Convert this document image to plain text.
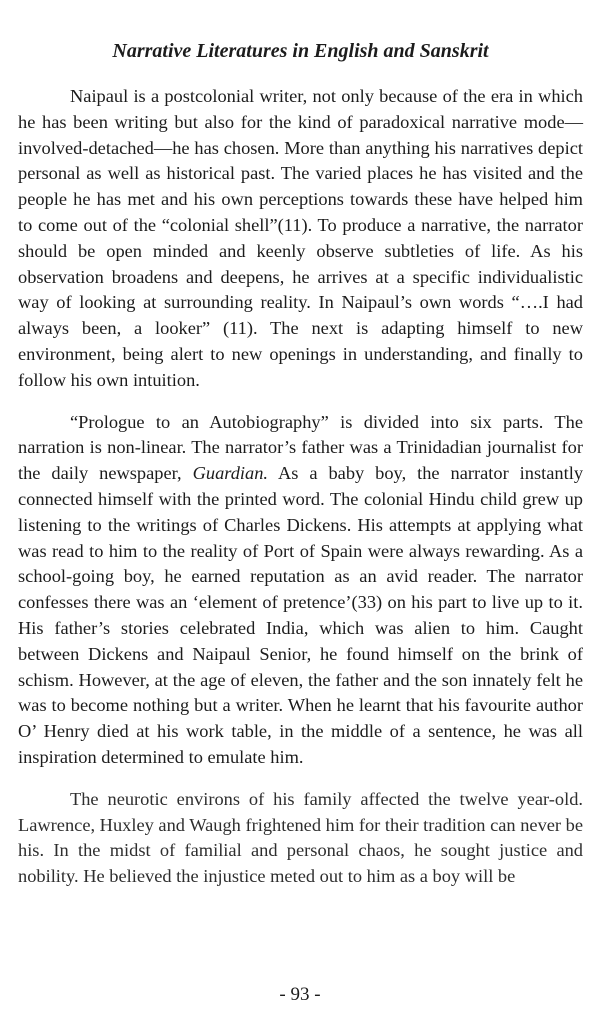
Narrative Literatures in English and Sanskrit

Naipaul is a postcolonial writer, not only because of the era in which he has been writing but also for the kind of paradoxical narrative mode—involved-detached—he has chosen. More than anything his narratives depict personal as well as historical past. The varied places he has visited and the people he has met and his own perceptions towards these have helped him to come out of the “colonial shell”(11). To produce a narrative, the narrator should be open minded and keenly observe subtleties of life. As his observation broadens and deepens, he arrives at a specific individualistic way of looking at surrounding reality. In Naipaul’s own words “….I had always been, a looker” (11). The next is adapting himself to new environment, being alert to new openings in understanding, and finally to follow his own intuition.

“Prologue to an Autobiography” is divided into six parts. The narration is non-linear. The narrator’s father was a Trinidadian journalist for the daily newspaper, Guardian. As a baby boy, the narrator instantly connected himself with the printed word. The colonial Hindu child grew up listening to the writings of Charles Dickens. His attempts at applying what was read to him to the reality of Port of Spain were always rewarding. As a school-going boy, he earned reputation as an avid reader. The narrator confesses there was an ‘element of pretence’(33) on his part to live up to it. His father’s stories celebrated India, which was alien to him. Caught between Dickens and Naipaul Senior, he found himself on the brink of schism. However, at the age of eleven, the father and the son innately felt he was to become nothing but a writer. When he learnt that his favourite author O’ Henry died at his work table, in the middle of a sentence, he was all inspiration determined to emulate him.

The neurotic environs of his family affected the twelve year-old. Lawrence, Huxley and Waugh frightened him for their tradition can never be his. In the midst of familial and personal chaos, he sought justice and nobility. He believed the injustice meted out to him as a boy will be

- 93 -
